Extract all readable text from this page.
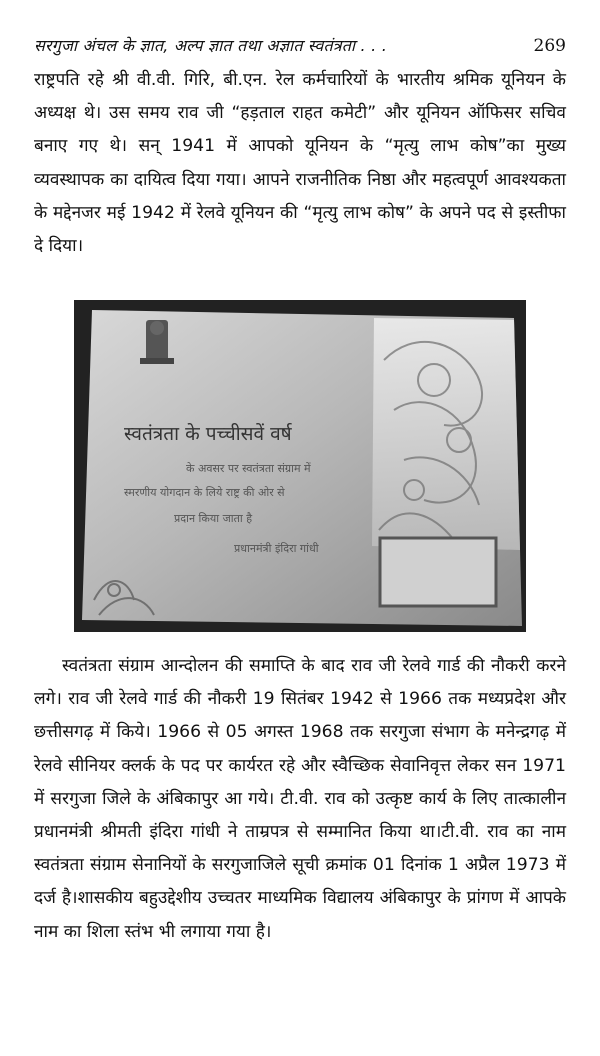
सरगुजा अंचल के ज्ञात, अल्प ज्ञात तथा अज्ञात स्वतंत्रता . . .	269

राष्ट्रपति रहे श्री वी.वी. गिरि, बी.एन. रेल कर्मचारियों के भारतीय श्रमिक यूनियन के अध्यक्ष थे। उस समय राव जी “हड़ताल राहत कमेटी” और यूनियन ऑफिसर सचिव बनाए गए थे। सन् 1941 में आपको यूनियन के “मृत्यु लाभ कोष”का मुख्य व्यवस्थापक का दायित्व दिया गया। आपने राजनीतिक निष्ठा और महत्वपूर्ण आवश्यकता के मद्देनजर मई 1942 में रेलवे यूनियन की “मृत्यु लाभ कोष” के अपने पद से इस्तीफा दे दिया।

स्वतंत्रता के पच्चीसवें वर्ष
के अवसर पर स्वतंत्रता संग्राम में
स्मरणीय योगदान के लिये राष्ट्र की ओर से
प्रदान किया जाता है
प्रधानमंत्री इंदिरा गांधी

स्वतंत्रता संग्राम आन्दोलन की समाप्ति के बाद राव जी रेलवे गार्ड की नौकरी करने लगे। राव जी रेलवे गार्ड की नौकरी 19 सितंबर 1942 से 1966 तक मध्यप्रदेश और छत्तीसगढ़ में किये। 1966 से 05 अगस्त 1968 तक सरगुजा संभाग के मनेन्द्रगढ़ में रेलवे सीनियर क्लर्क के पद पर कार्यरत रहे और स्वैच्छिक सेवानिवृत्त लेकर सन 1971 में सरगुजा जिले के अंबिकापुर आ गये। टी.वी. राव को उत्कृष्ट कार्य के लिए तात्कालीन प्रधानमंत्री श्रीमती इंदिरा गांधी ने ताम्रपत्र से सम्मानित किया था।टी.वी. राव का नाम स्वतंत्रता संग्राम सेनानियों के सरगुजाजिले सूची क्रमांक 01 दिनांक 1 अप्रैल 1973 में दर्ज है।शासकीय बहुउद्देशीय उच्चतर माध्यमिक विद्यालय अंबिकापुर के प्रांगण में आपके नाम का शिला स्तंभ भी लगाया गया है।
